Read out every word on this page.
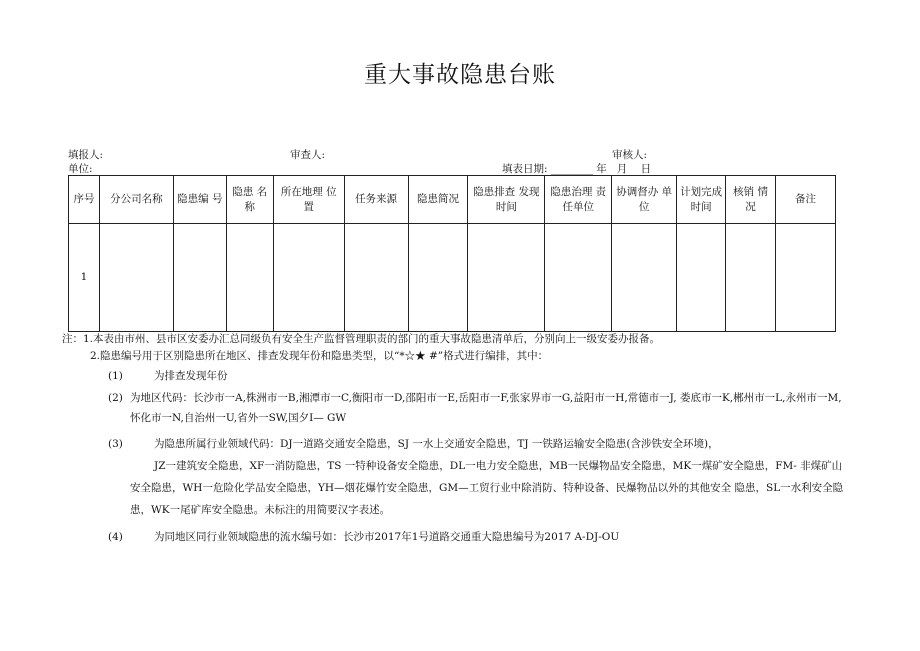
重大事故隐患台账
填报人:	审查人:	审核人:
单位:	填表日期: ________ 年 月 日
序号	分公司名称	隐患编 号	隐患 名称	所在地理 位置	任务来源	隐患简况	隐患排查 发现时间	隐患治理 责任单位	协调督办 单位	计划完成时间	核销 情况	备注
1												
注：1.本表由市州、县市区安委办汇总同级负有安全生产监督管理职责的部门的重大事故隐患清单后，分别向上一级安委办报备。
2.隐患编号用于区别隐患所在地区、排查发现年份和隐患类型，以“*☆★ #”格式进行编排，其中：
(1)	为排查发现年份
(2) 为地区代码：长沙市一A,株洲市一B,湘潭市一C,衡阳市一D,邵阳市一E,岳阳市一F,张家界市一G,益阳市一H,常德市一J, 娄底市一K,郴州市一L,永州市一M,
怀化市一N,自治州一U,省外一SW,国夕I— GW
(3)	为隐患所属行业领域代码：DJ一道路交通安全隐患，SJ 一水上交通安全隐患，TJ 一铁路运输安全隐患(含涉铁安全环境)，
JZ一建筑安全隐患，XF一消防隐患，TS 一特种设备安全隐患，DL一电力安全隐患，MB一民爆物品安全隐患，MK一煤矿安全隐患，FM- 非煤矿山安全隐患，WH一危险化学品安全隐患，YH—烟花爆竹安全隐患，GM—工贸行业中除消防、特种设备、民爆物品以外的其他安全 隐患，SL一水利安全隐患，WK一尾矿库安全隐患。未标注的用简要汉字表述。
(4)	为同地区同行业领域隐患的流水编号如：长沙市2017年1号道路交通重大隐患编号为2017 A-DJ-OU
